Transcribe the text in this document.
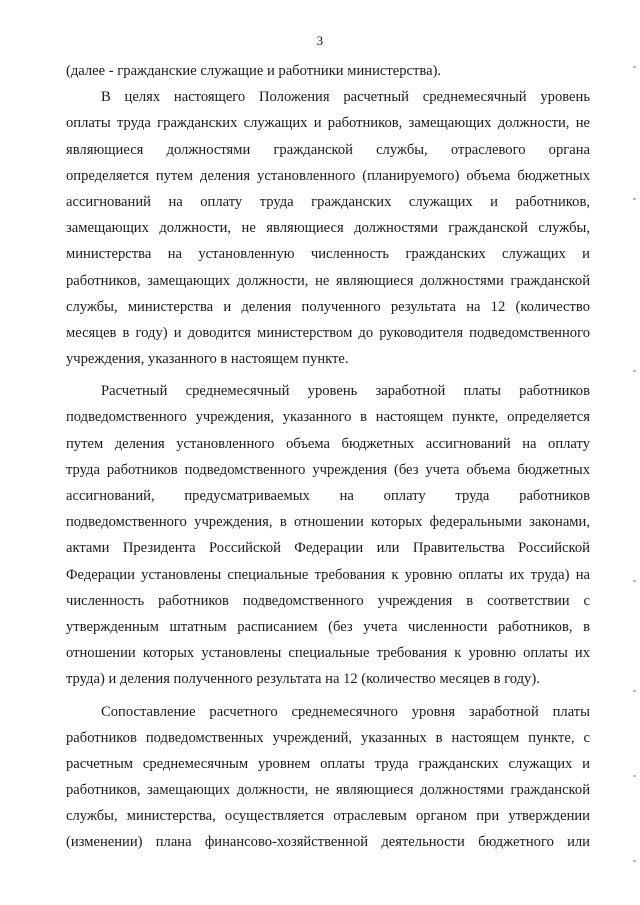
3
(далее - гражданские служащие и работники министерства).
В целях настоящего Положения расчетный среднемесячный уровень
оплаты труда гражданских служащих и работников, замещающих должности, не
являющиеся должностями гражданской службы, отраслевого органа
определяется путем деления установленного (планируемого) объема бюджетных
ассигнований на оплату труда гражданских служащих и работников,
замещающих должности, не являющиеся должностями гражданской службы,
министерства на установленную численность гражданских служащих и
работников, замещающих должности, не являющиеся должностями гражданской
службы, министерства и деления полученного результата на 12 (количество
месяцев в году) и доводится министерством до руководителя подведомственного
учреждения, указанного в настоящем пункте.
Расчетный среднемесячный уровень заработной платы работников
подведомственного учреждения, указанного в настоящем пункте, определяется
путем деления установленного объема бюджетных ассигнований на оплату
труда работников подведомственного учреждения (без учета объема бюджетных
ассигнований, предусматриваемых на оплату труда работников
подведомственного учреждения, в отношении которых федеральными законами,
актами Президента Российской Федерации или Правительства Российской
Федерации установлены специальные требования к уровню оплаты их труда) на
численность работников подведомственного учреждения в соответствии с
утвержденным штатным расписанием (без учета численности работников, в
отношении которых установлены специальные требования к уровню оплаты их
труда) и деления полученного результата на 12 (количество месяцев в году).
Сопоставление расчетного среднемесячного уровня заработной платы
работников подведомственных учреждений, указанных в настоящем пункте, с
расчетным среднемесячным уровнем оплаты труда гражданских служащих и
работников, замещающих должности, не являющиеся должностями гражданской
службы, министерства, осуществляется отраслевым органом при утверждении
(изменении) плана финансово-хозяйственной деятельности бюджетного или
